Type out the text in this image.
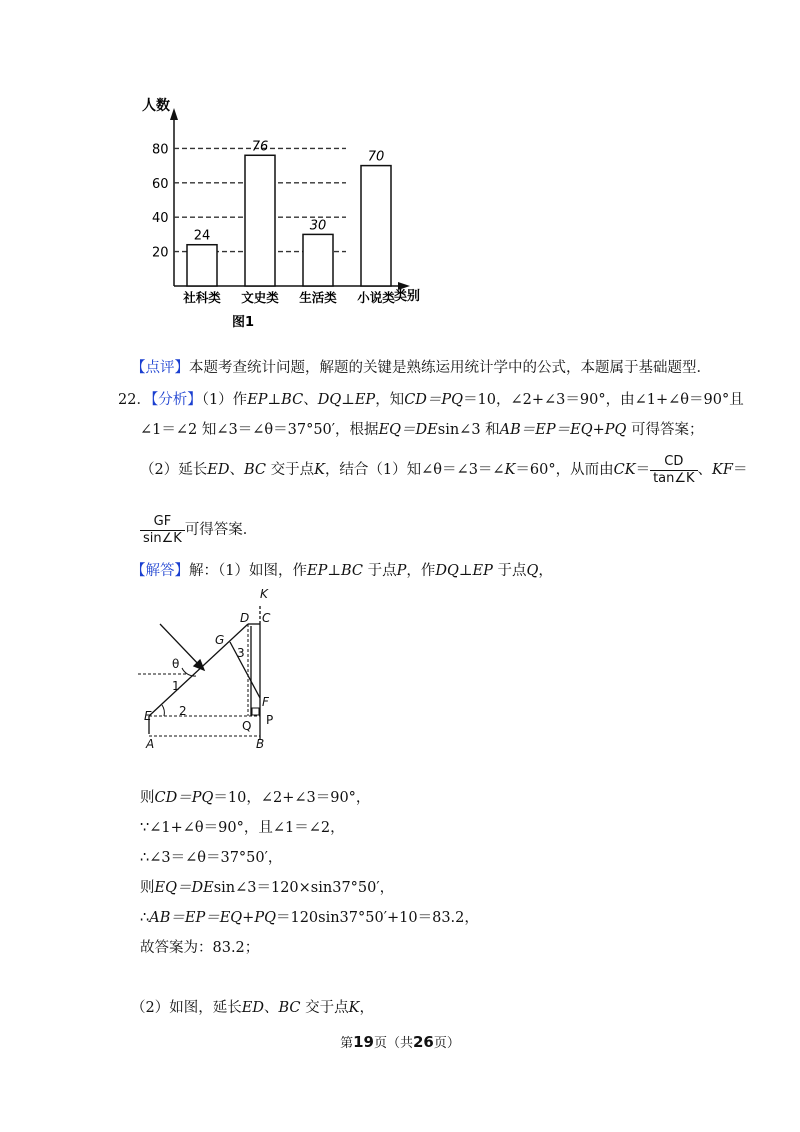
人数
类别
20
40
60
80
24
社科类
76
文史类
30
生活类
70
小说类
图1
【点评】本题考查统计问题，解题的关键是熟练运用统计学中的公式，本题属于基础题型．
22．【分析】（1）作EP⊥BC、DQ⊥EP，知CD＝PQ＝10，∠2+∠3＝90°，由∠1+∠θ＝90°且
∠1＝∠2 知∠3＝∠θ＝37°50′，根据EQ＝DEsin∠3 和AB＝EP＝EQ+PQ 可得答案；
（2）延长ED、BC 交于点K，结合（1）知∠θ＝∠3＝∠K＝60°，从而由$CK= \frac{CD}{\tan\angle K}$ 、KF＝
$\frac{GF}{\sin\angle K}$ 可得答案．
【解答】解：（1）如图，作EP⊥BC 于点P，作DQ⊥EP 于点Q，
K
D C
G
3
θ
1
E 2
F
P
Q
A	B
则CD＝PQ＝10，∠2+∠3＝90°，
∵∠1+∠θ＝90°，且∠1＝∠2，
∴∠3＝∠θ＝37°50′，
则EQ＝DEsin∠3＝120×sin37°50′，
∴AB＝EP＝EQ+PQ＝120sin37°50′+10＝83.2，
故答案为：83.2；
（2）如图，延长ED、BC 交于点K，
第19页（共26页）
